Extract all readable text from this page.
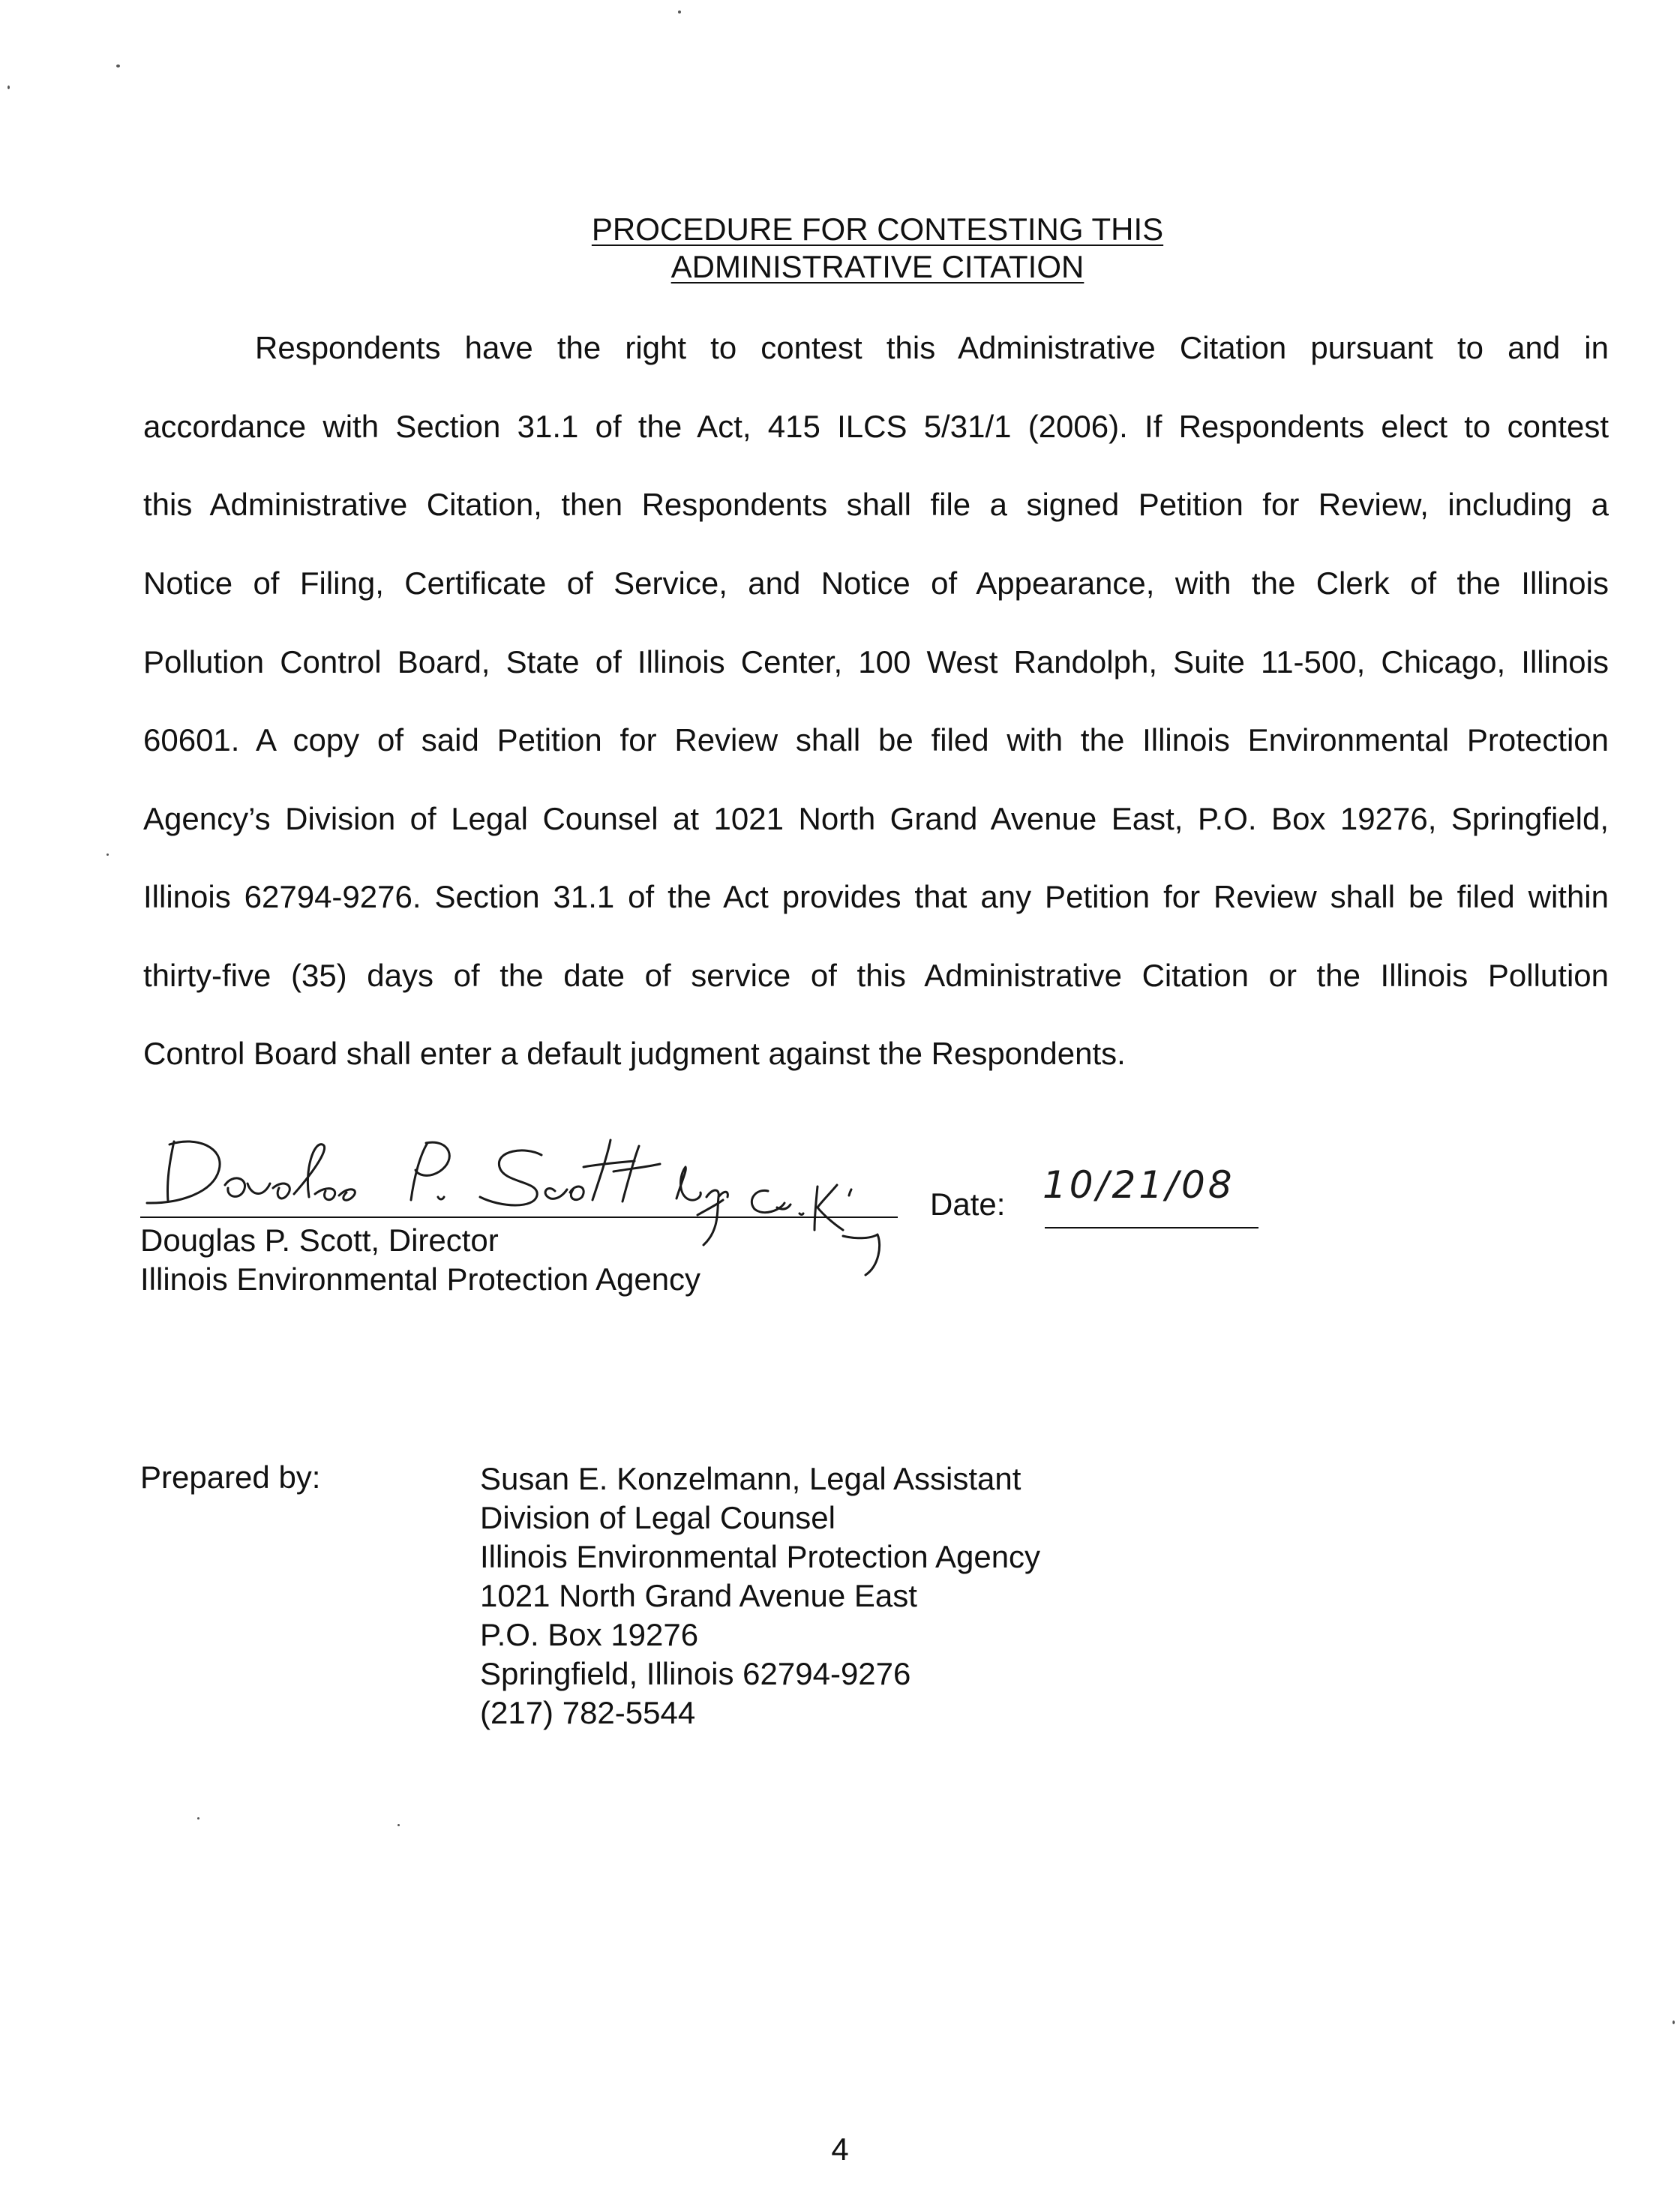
PROCEDURE FOR CONTESTING THIS
ADMINISTRATIVE CITATION
Respondents have the right to contest this Administrative Citation pursuant to and in
accordance with Section 31.1 of the Act, 415 ILCS 5/31/1 (2006). If Respondents elect to contest
this Administrative Citation, then Respondents shall file a signed Petition for Review, including a
Notice of Filing, Certificate of Service, and Notice of Appearance, with the Clerk of the Illinois
Pollution Control Board, State of Illinois Center, 100 West Randolph, Suite 11-500, Chicago, Illinois
60601. A copy of said Petition for Review shall be filed with the Illinois Environmental Protection
Agency’s Division of Legal Counsel at 1021 North Grand Avenue East, P.O. Box 19276, Springfield,
Illinois 62794-9276. Section 31.1 of the Act provides that any Petition for Review shall be filed within
thirty-five (35) days of the date of service of this Administrative Citation or the Illinois Pollution
Control Board shall enter a default judgment against the Respondents.
Douglas P. Scott, Director
Illinois Environmental Protection Agency
Date: 10/21/08
Prepared by:	Susan E. Konzelmann, Legal Assistant
Division of Legal Counsel
Illinois Environmental Protection Agency
1021 North Grand Avenue East
P.O. Box 19276
Springfield, Illinois 62794-9276
(217) 782-5544
4
